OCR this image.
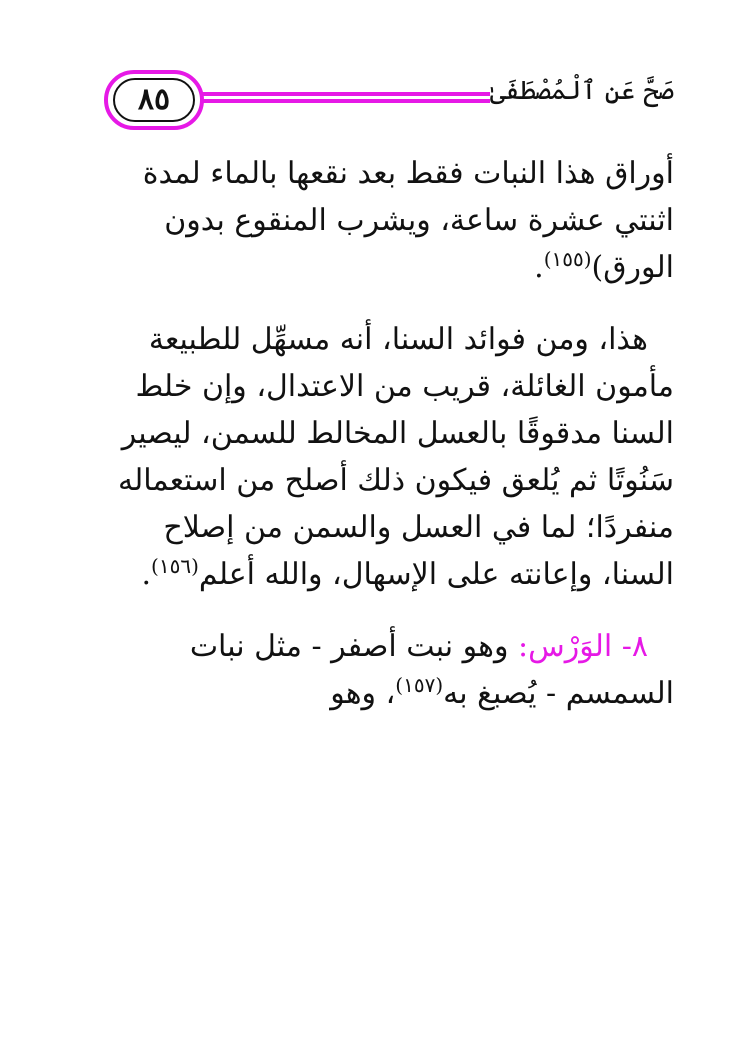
٨٥	صَحَّ عَنِ ٱلْمُصْطَفَىٰ

أوراق هذا النبات فقط بعد نقعها بالماء لمدة اثنتي عشرة ساعة، ويشرب المنقوع بدون الورق)$^{(١٥٥)}$.

هذا، ومن فوائد السنا، أنه مسهِّل للطبيعة مأمون الغائلة، قريب من الاعتدال، وإن خلط السنا مدقوقًا بالعسل المخالط للسمن، ليصير سَنُوتًا ثم يُلعق فيكون ذلك أصلح من استعماله منفردًا؛ لما في العسل والسمن من إصلاح السنا، وإعانته على الإسهال، والله أعلم$^{(١٥٦)}$.

٨- الوَرْس: وهو نبت أصفر - مثل نبات السمسم - يُصبغ به$^{(١٥٧)}$، وهو
